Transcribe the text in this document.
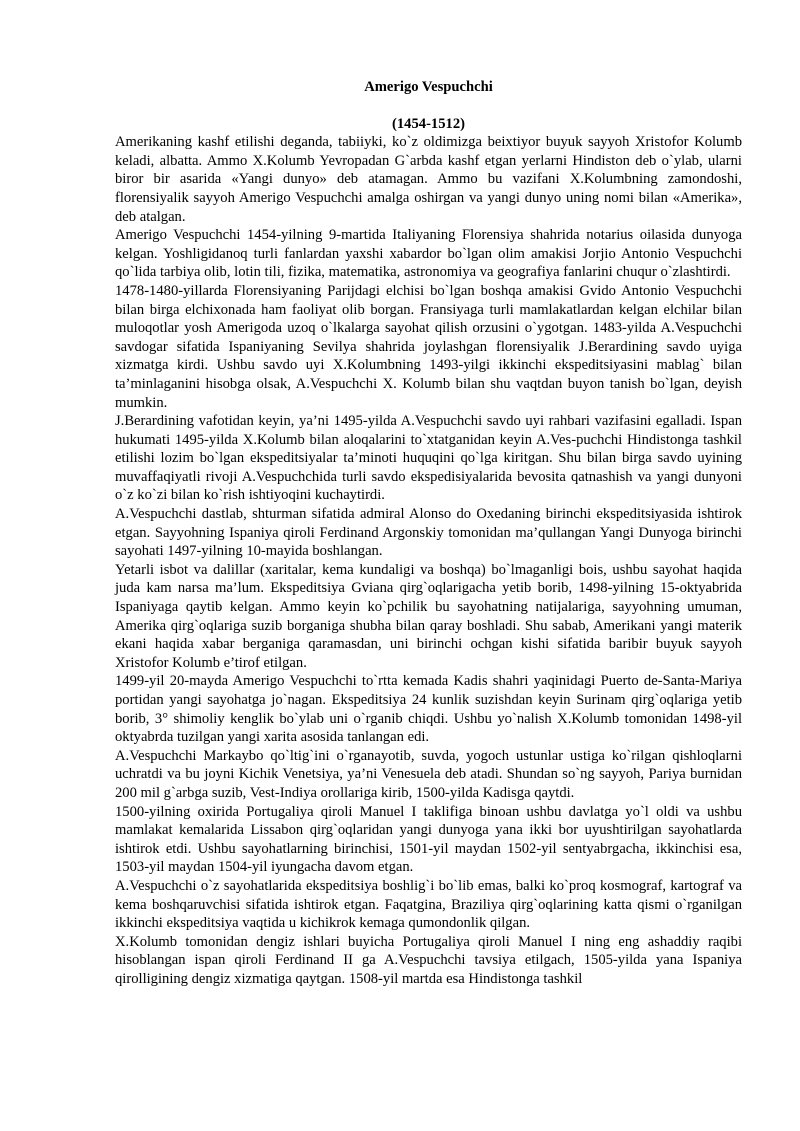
Amerigo Vespuchchi

(1454-1512)

Amerikaning kashf etilishi deganda, tabiiyki, ko`z oldimizga beixtiyor buyuk sayyoh Xristofor Kolumb keladi, albatta. Ammo X.Kolumb Yevropadan G`arbda kashf etgan yerlarni Hindiston deb o`ylab, ularni biror bir asarida «Yangi dunyo» deb atamagan. Ammo bu vazifani X.Kolumbning zamondoshi, florensiyalik sayyoh Amerigo Vespuchchi amalga oshirgan va yangi dunyo uning nomi bilan «Amerika», deb atalgan.

Amerigo Vespuchchi 1454-yilning 9-martida Italiyaning Florensiya shahrida notarius oilasida dunyoga kelgan. Yoshligidanoq turli fanlardan yaxshi xabardor bo`lgan olim amakisi Jorjio Antonio Vespuchchi qo`lida tarbiya olib, lotin tili, fizika, matematika, astronomiya va geografiya fanlarini chuqur o`zlashtirdi.

1478-1480-yillarda Florensiyaning Parijdagi elchisi bo`lgan boshqa amakisi Gvido Antonio Vespuchchi bilan birga elchixonada ham faoliyat olib borgan. Fransiyaga turli mamlakatlardan kelgan elchilar bilan muloqotlar yosh Amerigoda uzoq o`lkalarga sayohat qilish orzusini o`ygotgan. 1483-yilda A.Vespuchchi savdogar sifatida Ispaniyaning Sevilya shahrida joylashgan florensiyalik J.Berardining savdo uyiga xizmatga kirdi. Ushbu savdo uyi X.Kolumbning 1493-yilgi ikkinchi ekspeditsiyasini mablag` bilan ta’minlaganini hisobga olsak, A.Vespuchchi X. Kolumb bilan shu vaqtdan buyon tanish bo`lgan, deyish mumkin.

J.Berardining vafotidan keyin, ya’ni 1495-yilda A.Vespuchchi savdo uyi rahbari vazifasini egalladi. Ispan hukumati 1495-yilda X.Kolumb bilan aloqalarini to`xtatganidan keyin A.Ves-puchchi Hindistonga tashkil etilishi lozim bo`lgan ekspeditsiyalar ta’minoti huquqini qo`lga kiritgan. Shu bilan birga savdo uyining muvaffaqiyatli rivoji A.Vespuchchida turli savdo ekspedisiyalarida bevosita qatnashish va yangi dunyoni o`z ko`zi bilan ko`rish ishtiyoqini kuchaytirdi.

A.Vespuchchi dastlab, shturman sifatida admiral Alonso do Oxedaning birinchi ekspeditsiyasida ishtirok etgan. Sayyohning Ispaniya qiroli Ferdinand Argonskiy tomonidan ma’qullangan Yangi Dunyoga birinchi sayohati 1497-yilning 10-mayida boshlangan.

Yetarli isbot va dalillar (xaritalar, kema kundaligi va boshqa) bo`lmaganligi bois, ushbu sayohat haqida juda kam narsa ma’lum. Ekspeditsiya Gviana qirg`oqlarigacha yetib borib, 1498-yilning 15-oktyabrida Ispaniyaga qaytib kelgan. Ammo keyin ko`pchilik bu sayohatning natijalariga, sayyohning umuman, Amerika qirg`oqlariga suzib borganiga shubha bilan qaray boshladi. Shu sabab, Amerikani yangi materik ekani haqida xabar berganiga qaramasdan, uni birinchi ochgan kishi sifatida baribir buyuk sayyoh Xristofor Kolumb e’tirof etilgan.

1499-yil 20-mayda Amerigo Vespuchchi to`rtta kemada Kadis shahri yaqinidagi Puerto de-Santa-Mariya portidan yangi sayohatga jo`nagan. Ekspeditsiya 24 kunlik suzishdan keyin Surinam qirg`oqlariga yetib borib, 3° shimoliy kenglik bo`ylab uni o`rganib chiqdi. Ushbu yo`nalish X.Kolumb tomonidan 1498-yil oktyabrda tuzilgan yangi xarita asosida tanlangan edi.

A.Vespuchchi Markaybo qo`ltig`ini o`rganayotib, suvda, yogoch ustunlar ustiga ko`rilgan qishloqlarni uchratdi va bu joyni Kichik Venetsiya, ya’ni Venesuela deb atadi. Shundan so`ng sayyoh, Pariya burnidan 200 mil g`arbga suzib, Vest-Indiya orollariga kirib, 1500-yilda Kadisga qaytdi.

1500-yilning oxirida Portugaliya qiroli Manuel I taklifiga binoan ushbu davlatga yo`l oldi va ushbu mamlakat kemalarida Lissabon qirg`oqlaridan yangi dunyoga yana ikki bor uyushtirilgan sayohatlarda ishtirok etdi. Ushbu sayohatlarning birinchisi, 1501-yil maydan 1502-yil sentyabrgacha, ikkinchisi esa, 1503-yil maydan 1504-yil iyungacha davom etgan.

A.Vespuchchi o`z sayohatlarida ekspeditsiya boshlig`i bo`lib emas, balki ko`proq kosmograf, kartograf va kema boshqaruvchisi sifatida ishtirok etgan. Faqatgina, Braziliya qirg`oqlarining katta qismi o`rganilgan ikkinchi ekspeditsiya vaqtida u kichikrok kemaga qumondonlik qilgan.

X.Kolumb tomonidan dengiz ishlari buyicha Portugaliya qiroli Manuel I ning eng ashaddiy raqibi hisoblangan ispan qiroli Ferdinand II ga A.Vespuchchi tavsiya etilgach, 1505-yilda yana Ispaniya qirolligining dengiz xizmatiga qaytgan. 1508-yil martda esa Hindistonga tashkil
